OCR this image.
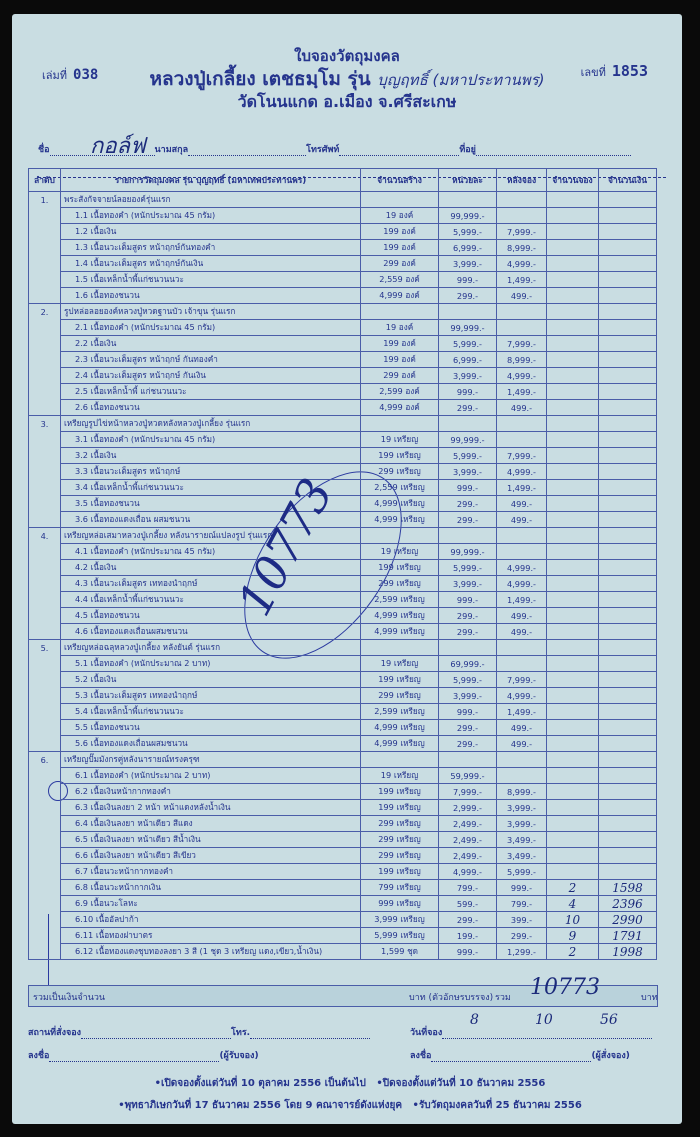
ใบจองวัตถุมงคล
เล่มที่ 038	เลขที่ 1853
หลวงปู่เกลี้ยง เตชธมฺโม รุ่น บุญฤทธิ์ (มหาประทานพร)
วัดโนนแกด อ.เมือง จ.ศรีสะเกษ
กอล์ฟ
ชื่อ	นามสกุล	โทรศัพท์	ที่อยู่
ลำดับ	รายการวัตถุมงคล รุ่น บุญฤทธิ์ (มหาเทพประทานพร)	จำนวนสร้าง	หน่วยละ	หลังจอง	จำนวนจอง	จำนวนเงิน
1.	พระสังกัจจายน์ลอยองค์รุ่นแรก					
	1.1 เนื้อทองคำ (หนักประมาณ 45 กรัม)	19 องค์	99,999.-			
	1.2 เนื้อเงิน	199 องค์	5,999.-	7,999.-		
	1.3 เนื้อนวะเต็มสูตร หน้าฤกษ์กันทองคำ	199 องค์	6,999.-	8,999.-		
	1.4 เนื้อนวะเต็มสูตร หน้าฤกษ์กันเงิน	299 องค์	3,999.-	4,999.-		
	1.5 เนื้อเหล็กน้ำพี้แก่ชนวนนวะ	2,559 องค์	999.-	1,499.-		
	1.6 เนื้อทองชนวน	4,999 องค์	299.-	499.-		
2.	รูปหล่อลอยองค์หลวงปู่หวดฐานบัว เจ้าขุน รุ่นแรก					
	2.1 เนื้อทองคำ (หนักประมาณ 45 กรัม)	19 องค์	99,999.-			
	2.2 เนื้อเงิน	199 องค์	5,999.-	7,999.-		
	2.3 เนื้อนวะเต็มสูตร หน้าฤกษ์ กันทองคำ	199 องค์	6,999.-	8,999.-		
	2.4 เนื้อนวะเต็มสูตร หน้าฤกษ์ กันเงิน	299 องค์	3,999.-	4,999.-		
	2.5 เนื้อเหล็กน้ำพี้ แก่ชนวนนวะ	2,599 องค์	999.-	1,499.-		
	2.6 เนื้อทองชนวน	4,999 องค์	299.-	499.-		
3.	เหรียญรูปไข่หน้าหลวงปู่หวดหลังหลวงปู่เกลี้ยง รุ่นแรก					
	3.1 เนื้อทองคำ (หนักประมาณ 45 กรัม)	19 เหรียญ	99,999.-			
	3.2 เนื้อเงิน	199 เหรียญ	5,999.-	7,999.-		
	3.3 เนื้อนวะเต็มสูตร หน้าฤกษ์	299 เหรียญ	3,999.-	4,999.-		
	3.4 เนื้อเหล็กน้ำพี้แก่ชนวนนวะ	2,559 เหรียญ	999.-	1,499.-		
	3.5 เนื้อทองชนวน	4,999 เหรียญ	299.-	499.-		
	3.6 เนื้อทองแดงเถื่อน ผสมชนวน	4,999 เหรียญ	299.-	499.-		
4.	เหรียญหล่อเสมาหลวงปู่เกลี้ยง หลังนารายณ์แปลงรูป รุ่นแรก					
	4.1 เนื้อทองคำ (หนักประมาณ 45 กรัม)	19 เหรียญ	99,999.-			
	4.2 เนื้อเงิน	199 เหรียญ	5,999.-	4,999.-		
	4.3 เนื้อนวะเต็มสูตร เททองนำฤกษ์	299 เหรียญ	3,999.-	4,999.-		
	4.4 เนื้อเหล็กน้ำพี้แก่ชนวนนวะ	2,599 เหรียญ	999.-	1,499.-		
	4.5 เนื้อทองชนวน	4,999 เหรียญ	299.-	499.-		
	4.6 เนื้อทองแดงเถื่อนผสมชนวน	4,999 เหรียญ	299.-	499.-		
5.	เหรียญหล่อฉลุหลวงปู่เกลี้ยง หลังยันต์ รุ่นแรก					
	5.1 เนื้อทองคำ (หนักประมาณ 2 บาท)	19 เหรียญ	69,999.-			
	5.2 เนื้อเงิน	199 เหรียญ	5,999.-	7,999.-		
	5.3 เนื้อนวะเต็มสูตร เททองนำฤกษ์	299 เหรียญ	3,999.-	4,999.-		
	5.4 เนื้อเหล็กน้ำพี้แก่ชนวนนวะ	2,599 เหรียญ	999.-	1,499.-		
	5.5 เนื้อทองชนวน	4,999 เหรียญ	299.-	499.-		
	5.6 เนื้อทองแดงเถื่อนผสมชนวน	4,999 เหรียญ	299.-	499.-		
6.	เหรียญปั๊มมังกรคู่หลังนารายณ์ทรงครุฑ					
	6.1 เนื้อทองคำ (หนักประมาณ 2 บาท)	19 เหรียญ	59,999.-			
	6.2 เนื้อเงินหน้ากากทองคำ	199 เหรียญ	7,999.-	8,999.-		
	6.3 เนื้อเงินลงยา 2 หน้า หน้าแดงหลังน้ำเงิน	199 เหรียญ	2,999.-	3,999.-		
	6.4 เนื้อเงินลงยา หน้าเดียว สีแดง	299 เหรียญ	2,499.-	3,999.-		
	6.5 เนื้อเงินลงยา หน้าเดียว สีน้ำเงิน	299 เหรียญ	2,499.-	3,499.-		
	6.6 เนื้อเงินลงยา หน้าเดียว สีเขียว	299 เหรียญ	2,499.-	3,499.-		
	6.7 เนื้อนวะหน้ากากทองคำ	199 เหรียญ	4,999.-	5,999.-		
	6.8 เนื้อนวะหน้ากากเงิน	799 เหรียญ	799.-	999.-	2	1598
	6.9 เนื้อนวะโลหะ	999 เหรียญ	599.-	799.-	4	2396
	6.10 เนื้ออัลปาก้า	3,999 เหรียญ	299.-	399.-	10	2990
	6.11 เนื้อทองฝาบาตร	5,999 เหรียญ	199.-	299.-	9	1791
	6.12 เนื้อทองแดงชุบทองลงยา 3 สี (1 ชุด 3 เหรียญ แดง,เขียว,น้ำเงิน)	1,599 ชุด	999.-	1,299.-	2	1998
10773
รวมเป็นเงินจำนวน	บาท (ตัวอักษรบรรจง) รวม	บาท
10773
สถานที่สั่งจอง	โทร.	วันที่จอง
8	10	56
ลงชื่อ	(ผู้รับจอง)	ลงชื่อ	(ผู้สั่งจอง)
•เปิดจองตั้งแต่วันที่ 10 ตุลาคม 2556 เป็นต้นไป •ปิดจองตั้งแต่วันที่ 10 ธันวาคม 2556
•พุทธาภิเษกวันที่ 17 ธันวาคม 2556 โดย 9 คณาจารย์ดังแห่งยุค •รับวัตถุมงคลวันที่ 25 ธันวาคม 2556
